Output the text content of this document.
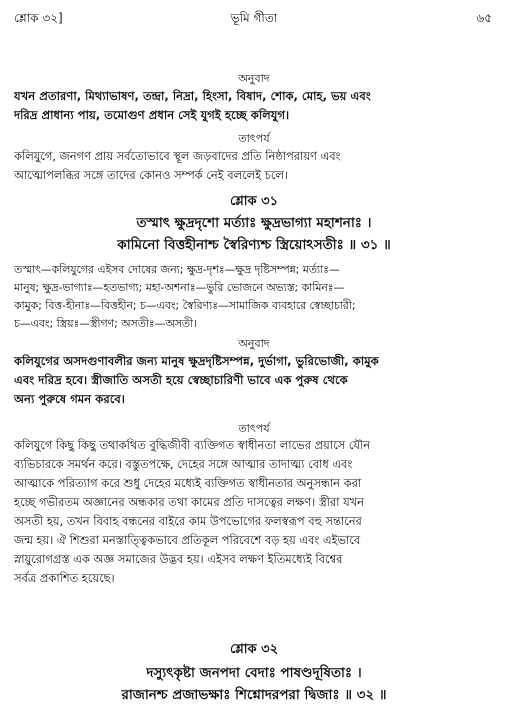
শ্লোক ৩২]	ভূমি গীতা	৬৫
অনুবাদ
যখন প্রতারণা, মিথ্যাভাষণ, তন্দ্রা, নিদ্রা, হিংসা, বিষাদ, শোক, মোহ, ভয় এবং
দরিদ্র প্রাধান্য পায়, তমোগুণ প্রধান সেই যুগই হচ্ছে কলিযুগ।
তাৎপর্য
কলিযুগে, জনগণ প্রায় সর্বতোভাবে স্থূল জড়বাদের প্রতি নিষ্ঠাপরায়ণ এবং
আত্মোপলব্ধির সঙ্গে তাদের কোনও সম্পর্ক নেই বললেই চলে।
শ্লোক ৩১
তস্মাৎ ক্ষুদ্রদৃশো মর্ত্যাঃ ক্ষুদ্রভাগ্যা মহাশনাঃ ।
কামিনো বিত্তহীনাশ্চ স্বৈরিণ্যশ্চ স্ত্রিয়োঽসতীঃ ॥ ৩১ ॥
তস্মাৎ—কলিযুগের এইসব দোষের জন্য; ক্ষুদ্র-দৃশঃ—ক্ষুদ্র দৃষ্টিসম্পন্ন; মর্ত্যাঃ—
মানুষ; ক্ষুদ্র-ভাগ্যাঃ—হতভাগ্য; মহা-অশনাঃ—ভুরি ভোজনে অভ্যস্ত; কামিনঃ—
কামুক; বিত্ত-হীনাঃ—বিত্তহীন; চ—এবং; স্বৈরিণ্যঃ—সামাজিক ব্যবহারে স্বেচ্ছাচারী;
চ—এবং; স্ত্রিয়ঃ—স্ত্রীগণ; অসতীঃ—অসতী।
অনুবাদ
কলিযুগের অসদগুণাবলীর জন্য মানুষ ক্ষুদ্রদৃষ্টিসম্পন্ন, দুর্ভাগা, ভুরিভোজী, কামুক
এবং দরিদ্র হবে। স্ত্রীজাতি অসতী হয়ে স্বেচ্ছাচারিণী ভাবে এক পুরুষ থেকে
অন্য পুরুষে গমন করবে।
তাৎপর্য
কলিযুগে কিছু কিছু তথাকথিত বুদ্ধিজীবী ব্যক্তিগত স্বাধীনতা লাভের প্রয়াসে যৌন
ব্যভিচারকে সমর্থন করে। বস্তুতপক্ষে, দেহের সঙ্গে আত্মার তাদাত্ম্য বোধ এবং
আত্মাকে পরিত্যাগ করে শুধু দেহের মধ্যেই ব্যক্তিগত স্বাধীনতার অনুসন্ধান করা
হচ্ছে গভীরতম অজ্ঞানের অন্ধকার তথা কামের প্রতি দাসত্বের লক্ষণ। স্ত্রীরা যখন
অসতী হয়, তখন বিবাহ বন্ধনের বাইরে কাম উপভোগের ফলস্বরূপ বহু সন্তানের
জন্ম হয়। ঐ শিশুরা মনস্তাত্ত্বিকভাবে প্রতিকূল পরিবেশে বড় হয় এবং এইভাবে
স্নায়ুরোগগ্রস্ত এক অজ্ঞ সমাজের উদ্ভব হয়। এইসব লক্ষণ ইতিমধ্যেই বিশ্বের
সর্বত্র প্রকাশিত হয়েছে।
শ্লোক ৩২
দস্যুৎকৃষ্টা জনপদা বেদাঃ পাষণ্ডদূষিতাঃ ।
রাজানশ্চ প্রজাভক্ষাঃ শিশ্নোদরপরা দ্বিজাঃ ॥ ৩২ ॥
